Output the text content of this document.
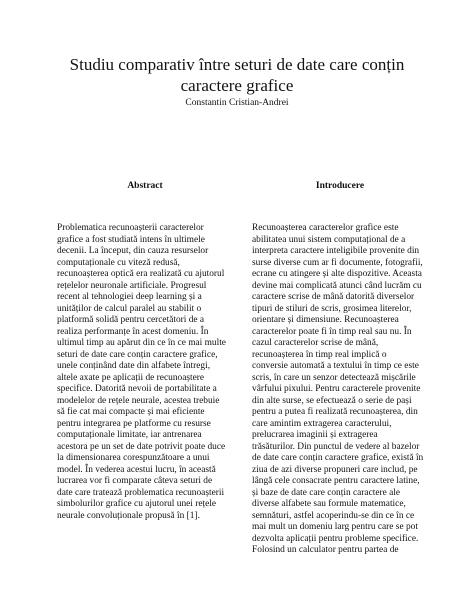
Studiu comparativ între seturi de date care conțin caractere grafice
Constantin Cristian-Andrei
Abstract
Problematica recunoașterii caracterelor
grafice a fost studiată intens în ultimele
decenii. La început, din cauza resurselor
computaționale cu viteză redusă,
recunoașterea optică era realizată cu ajutorul
rețelelor neuronale artificiale. Progresul
recent al tehnologiei deep learning și a
unităților de calcul paralel au stabilit o
platformă solidă pentru cercetători de a
realiza performanțe în acest domeniu. În
ultimul timp au apărut din ce în ce mai multe
seturi de date care conțin caractere grafice,
unele conținând date din alfabete întregi,
altele axate pe aplicații de recunoaștere
specifice. Datorită nevoii de portabilitate a
modelelor de rețele neurale, acestea trebuie
să fie cat mai compacte și mai eficiente
pentru integrarea pe platforme cu resurse
computaționale limitate, iar antrenarea
acestora pe un set de date potrivit poate duce
la dimensionarea corespunzătoare a unui
model. În vederea acestui lucru, în această
lucrarea vor fi comparate câteva seturi de
date care tratează problematica recunoașterii
simbolurilor grafice cu ajutorul unei rețele
neurale convoluționale propusă în [1].
Introducere
Recunoașterea caracterelor grafice este
abilitatea unui sistem computațional de a
interpreta caractere inteligibile provenite din
surse diverse cum ar fi documente, fotografii,
ecrane cu atingere și alte dispozitive. Aceasta
devine mai complicată atunci când lucrăm cu
caractere scrise de mână datorită diverselor
tipuri de stiluri de scris, grosimea literelor,
orientare și dimensiune. Recunoașterea
caracterelor poate fi în timp real sau nu. În
cazul caracterelor scrise de mână,
recunoașterea în timp real implică o
conversie automată a textului în timp ce este
scris, în care un senzor detectează mișcările
vârfului pixului. Pentru caracterele provenite
din alte surse, se efectuează o serie de pași
pentru a putea fi realizată recunoașterea, din
care amintim extragerea caracterului,
prelucrarea imaginii și extragerea
trăsăturilor. Din punctul de vedere al bazelor
de date care conțin caractere grafice, există în
ziua de azi diverse propuneri care includ, pe
lângă cele consacrate pentru caractere latine,
și baze de date care conțin caractere ale
diverse alfabete sau formule matematice,
semnături, astfel acoperindu-se din ce în ce
mai mult un domeniu larg pentru care se pot
dezvolta aplicații pentru probleme specifice.
Folosind un calculator pentru partea de
